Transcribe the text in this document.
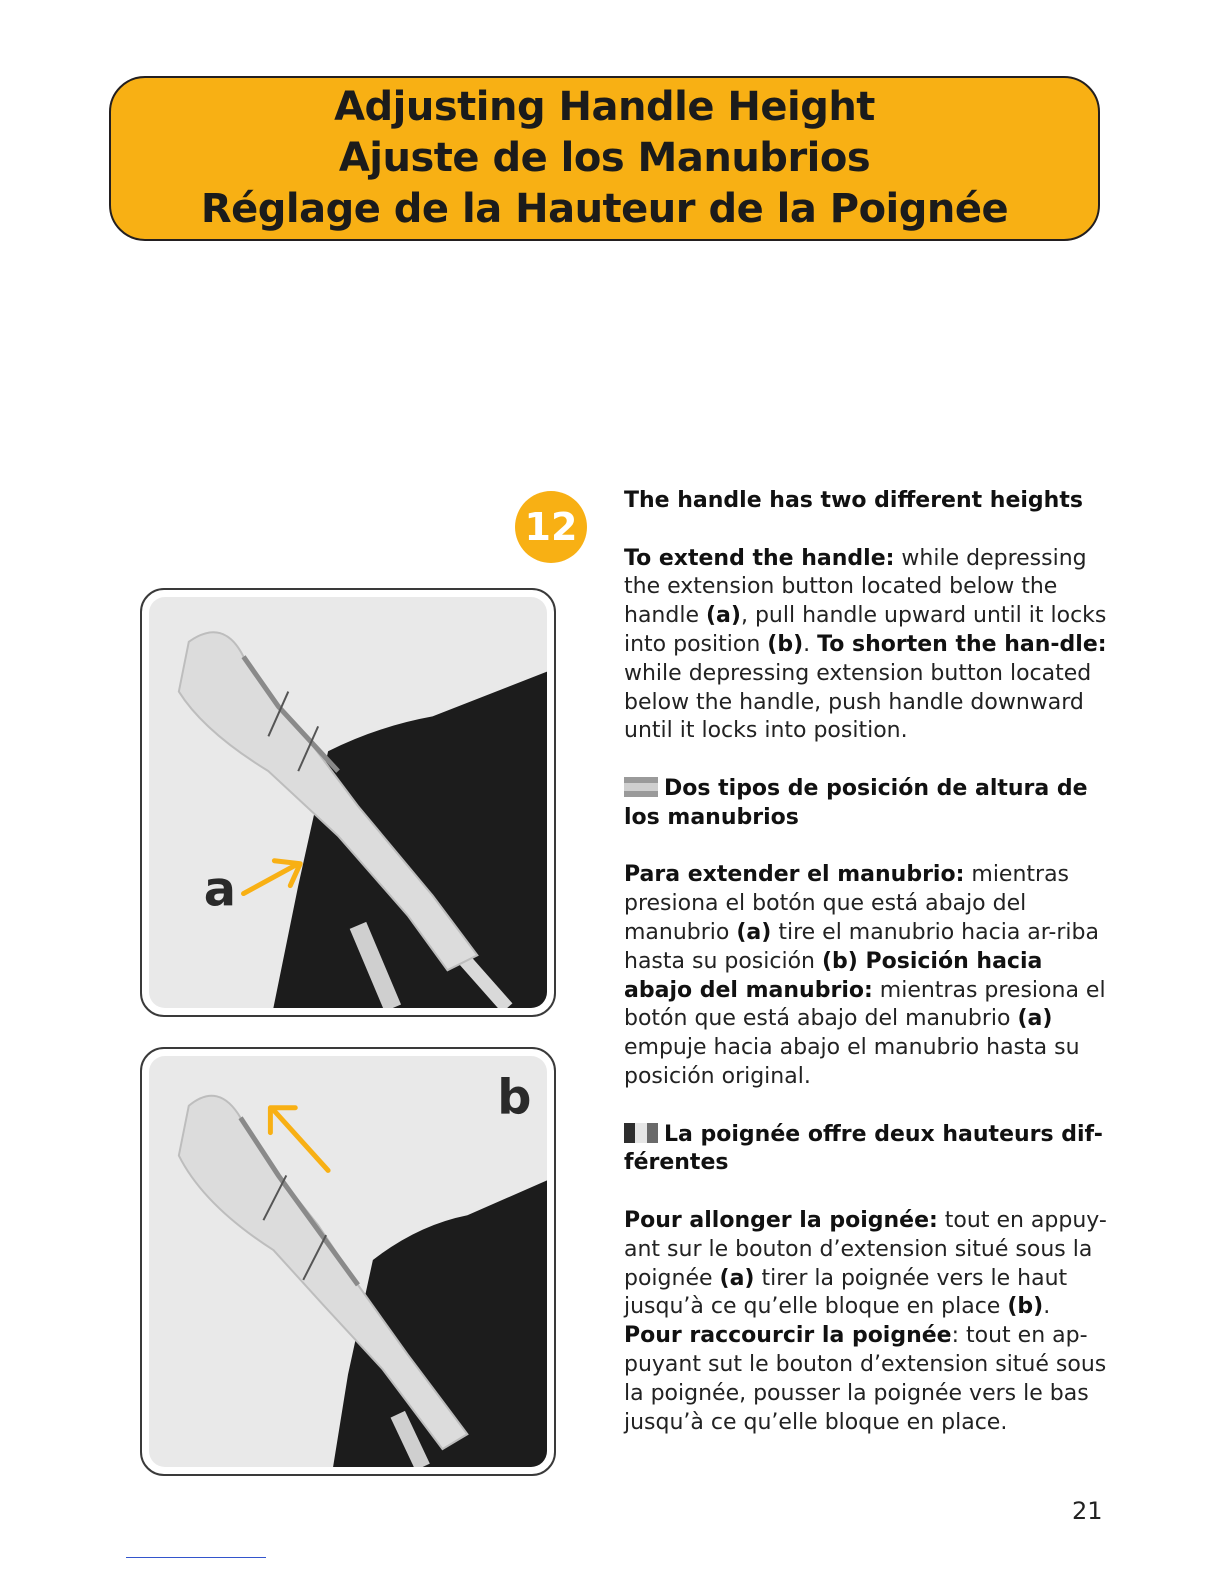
Adjusting Handle Height
Ajuste de los Manubrios
Réglage de la Hauteur de la Poignée
12
a
b

The handle has two different heights

To extend the handle: while depressing the extension button located below the handle (a), pull handle upward until it locks into position (b). To shorten the han-dle: while depressing extension button located below the handle, push handle downward until it locks into position.

Dos tipos de posición de altura de los manubrios

Para extender el manubrio: mientras presiona el botón que está abajo del manubrio (a) tire el manubrio hacia ar-riba hasta su posición (b) Posición hacia abajo del manubrio: mientras presiona el botón que está abajo del manubrio (a) empuje hacia abajo el manubrio hasta su posición original.

La poignée offre deux hauteurs dif-férentes

Pour allonger la poignée: tout en appuy-ant sur le bouton d’extension situé sous la poignée (a) tirer la poignée vers le haut jusqu’à ce qu’elle bloque en place (b).
Pour raccourcir la poignée: tout en ap-puyant sut le bouton d’extension situé sous la poignée, pousser la poignée vers le bas jusqu’à ce qu’elle bloque en place.

21
